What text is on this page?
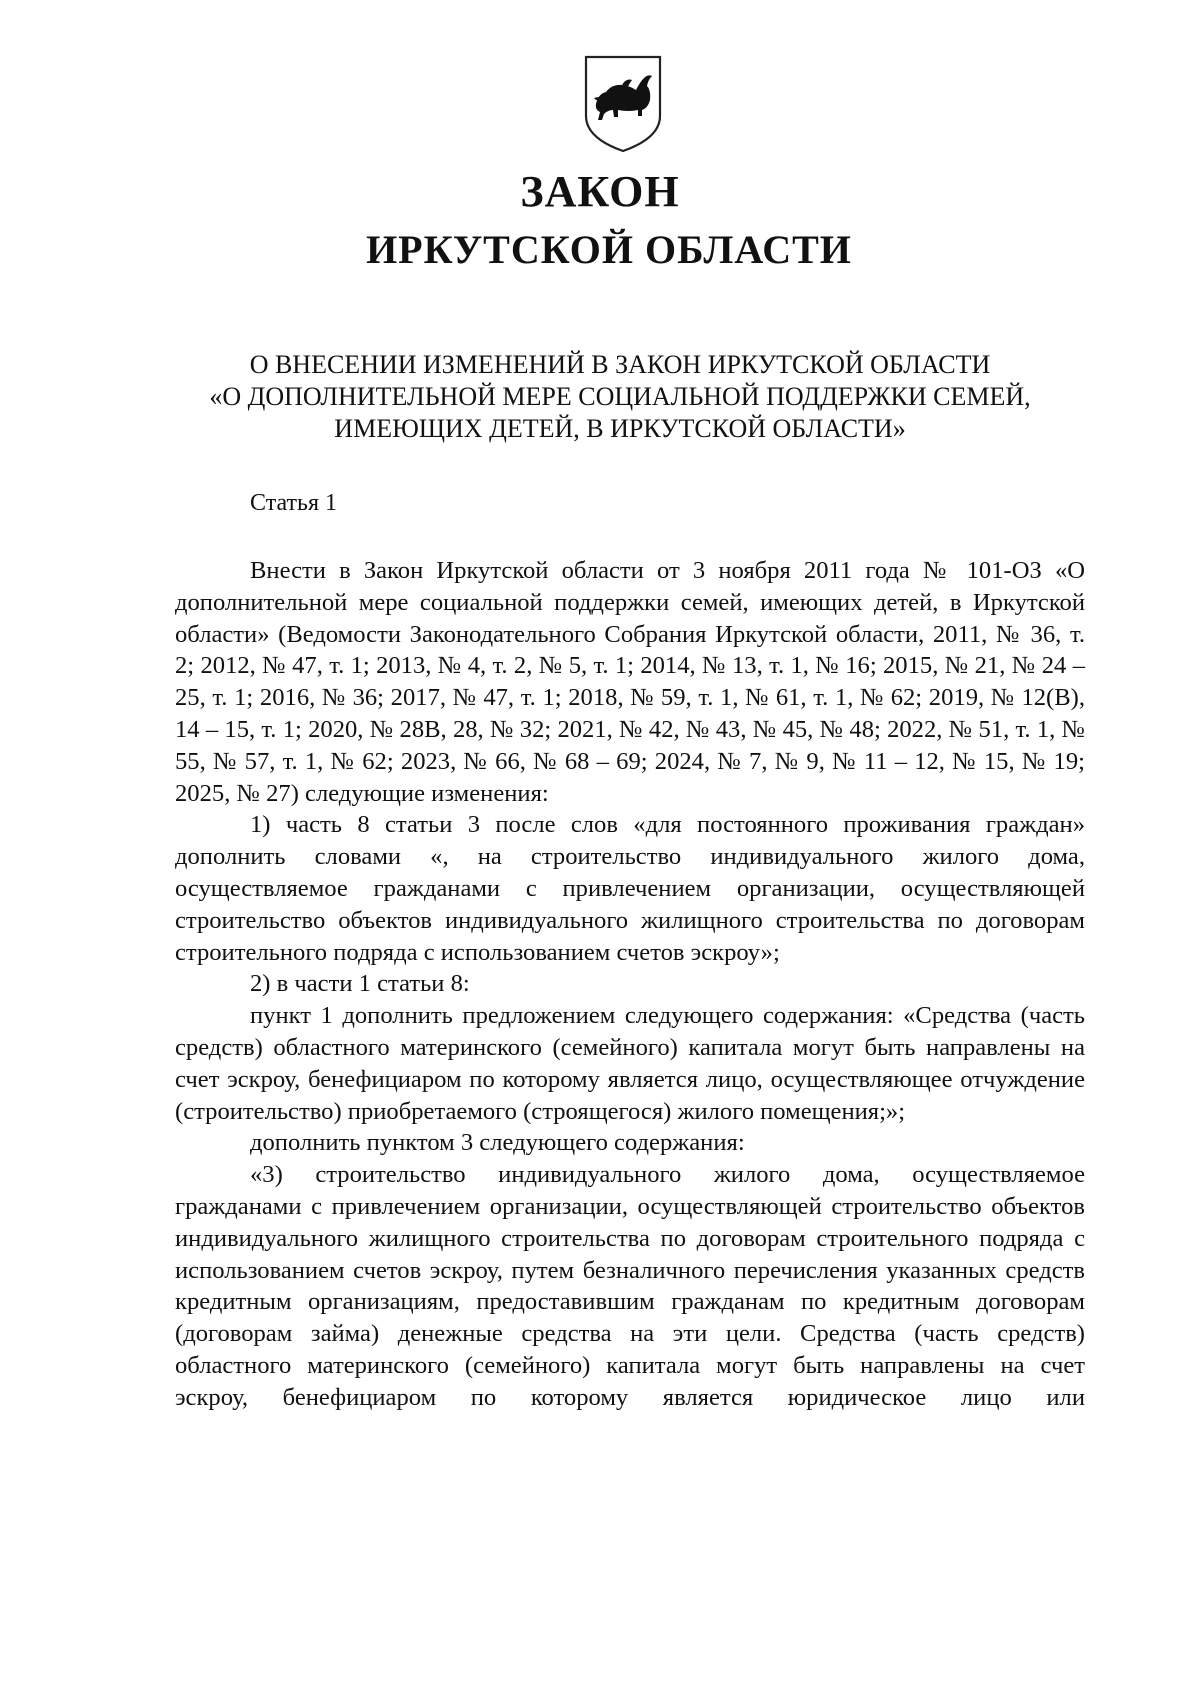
ЗАКОН
ИРКУТСКОЙ ОБЛАСТИ
О ВНЕСЕНИИ ИЗМЕНЕНИЙ В ЗАКОН ИРКУТСКОЙ ОБЛАСТИ
«О ДОПОЛНИТЕЛЬНОЙ МЕРЕ СОЦИАЛЬНОЙ ПОДДЕРЖКИ СЕМЕЙ,
ИМЕЮЩИХ ДЕТЕЙ, В ИРКУТСКОЙ ОБЛАСТИ»
Статья 1

Внести в Закон Иркутской области от 3 ноября 2011 года № 101-ОЗ «О дополнительной мере социальной поддержки семей, имеющих детей, в Иркутской области» (Ведомости Законодательного Собрания Иркутской области, 2011, № 36, т. 2; 2012, № 47, т. 1; 2013, № 4, т. 2, № 5, т. 1; 2014, № 13, т. 1, № 16; 2015, № 21, № 24 – 25, т. 1; 2016, № 36; 2017, № 47, т. 1; 2018, № 59, т. 1, № 61, т. 1, № 62; 2019, № 12(В), 14 – 15, т. 1; 2020, № 28В, 28, № 32; 2021, № 42, № 43, № 45, № 48; 2022, № 51, т. 1, № 55, № 57, т. 1, № 62; 2023, № 66, № 68 – 69; 2024, № 7, № 9, № 11 – 12, № 15, № 19; 2025, № 27) следующие изменения:

1) часть 8 статьи 3 после слов «для постоянного проживания граждан» дополнить словами «, на строительство индивидуального жилого дома, осуществляемое гражданами с привлечением организации, осуществляющей строительство объектов индивидуального жилищного строительства по договорам строительного подряда с использованием счетов эскроу»;

2) в части 1 статьи 8:

пункт 1 дополнить предложением следующего содержания: «Средства (часть средств) областного материнского (семейного) капитала могут быть направлены на счет эскроу, бенефициаром по которому является лицо, осуществляющее отчуждение (строительство) приобретаемого (строящегося) жилого помещения;»;

дополнить пунктом 3 следующего содержания:

«3) строительство индивидуального жилого дома, осуществляемое гражданами с привлечением организации, осуществляющей строительство объектов индивидуального жилищного строительства по договорам строительного подряда с использованием счетов эскроу, путем безналичного перечисления указанных средств кредитным организациям, предоставившим гражданам по кредитным договорам (договорам займа) денежные средства на эти цели. Средства (часть средств) областного материнского (семейного) капитала могут быть направлены на счет эскроу, бенефициаром по которому является юридическое лицо или
